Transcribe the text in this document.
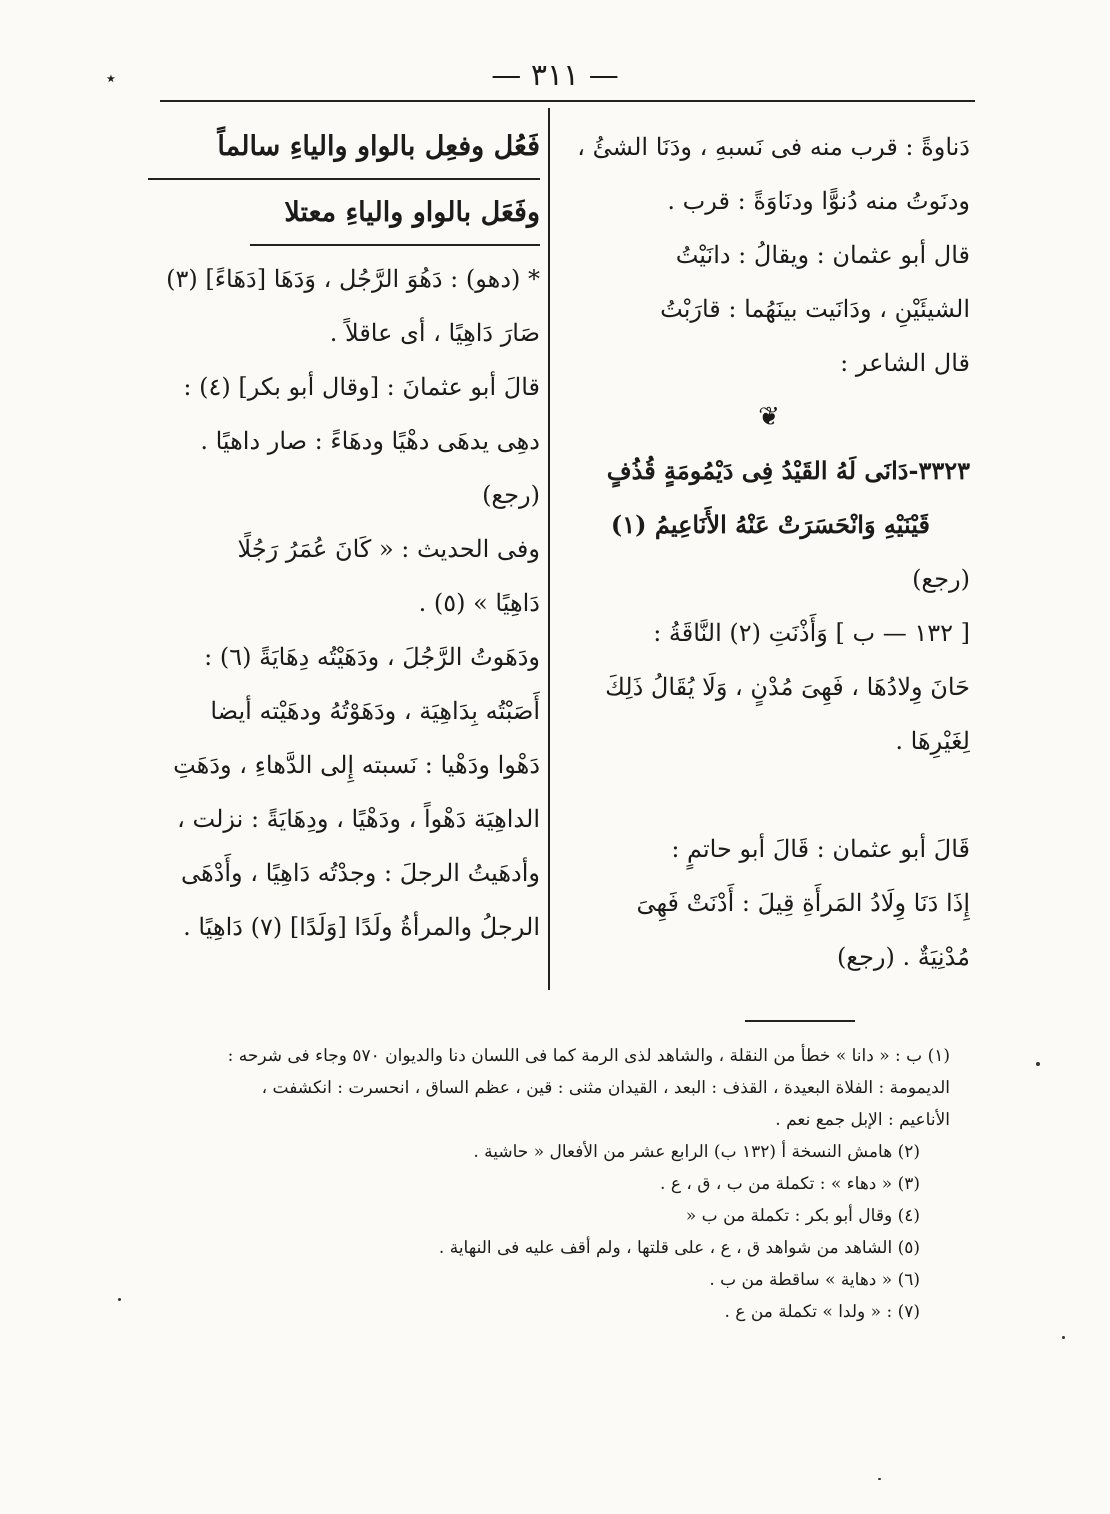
— ٣١١ —
٭
دَناوةً : قرب منه فى نَسبهِ ، ودَنَا الشئُ ،
ودنَوتُ منه دُنوًّا ودنَاوَةً : قرب .
قال أبو عثمان : ويقالُ : دانَيْتُ
الشيئَيْنِ ، ودَانَيت بينَهُما : قارَبْتُ
قال الشاعر :
❦
٣٣٢٣-دَانَى لَهُ القَيْدُ فِى دَيْمُومَةٍ قُذُفٍ
قَيْنَيْهِ وَانْحَسَرَتْ عَنْهُ الأَنَاعِيمُ (١)
(رجع)
[ ١٣٢ — ب ] وَأَذْنَتِ (٢) النَّاقَةُ :
حَانَ وِلادُهَا ، فَهِىَ مُدْنٍ ، وَلَا يُقَالُ ذَلِكَ
لِغَيْرِهَا .
قَالَ أبو عثمان : قَالَ أبو حاتمٍ :
إِذَا دَنَا وِلَادُ المَرأَةِ قِيلَ : أَدْنَتْ فَهِىَ
مُدْنِيَةٌ . (رجع)
فَعُل وفعِل بالواو والياءِ سالماً
وفَعَل بالواو والياءِ معتلا
* (دهو) : دَهُوَ الرَّجُل ، وَدَهَا [دَهَاءً] (٣)
صَارَ دَاهِيًا ، أى عاقلاً .
قالَ أبو عثمانَ : [وقال أبو بكر] (٤) :
دهِى يدهَى دهْيًا ودهَاءً : صار داهيًا .
(رجع)
وفى الحديث : « كَانَ عُمَرُ رَجُلًا
دَاهِيًا » (٥) .
ودَهَوتُ الرَّجُلَ ، ودَهَيْتُه دِهَايَةً (٦) :
أَصَبْتُه بِدَاهِيَة ، ودَهَوْتُهُ ودهَيْته أيضا
دَهْوا ودَهْيا : نَسبته إِلى الدَّهاءِ ، ودَهَتِ
الداهِيَة دَهْواً ، ودَهْيًا ، ودِهَايَةً : نزلت ،
وأدهَيتُ الرجلَ : وجدْتُه دَاهِيًا ، وأَدْهَى
الرجلُ والمرأةُ ولَدًا [وَلَدًا] (٧) دَاهِيًا .
(١) ب : « دانا » خطأ من النقلة ، والشاهد لذى الرمة كما فى اللسان دنا والديوان ٥٧٠ وجاء فى شرحه :
الديمومة : الفلاة البعيدة ، القذف : البعد ، القيدان مثنى : قين ، عظم الساق ، انحسرت : انكشفت ،
الأناعيم : الإبل جمع نعم .
(٢) هامش النسخة أ (١٣٢ ب) الرابع عشر من الأفعال « حاشية .
(٣) « دهاء » : تكملة من ب ، ق ، ع .
(٤) وقال أبو بكر : تكملة من ب «
(٥) الشاهد من شواهد ق ، ع ، على قلتها ، ولم أقف عليه فى النهاية .
(٦) « دهاية » ساقطة من ب .
(٧) : « ولدا » تكملة من ع .
